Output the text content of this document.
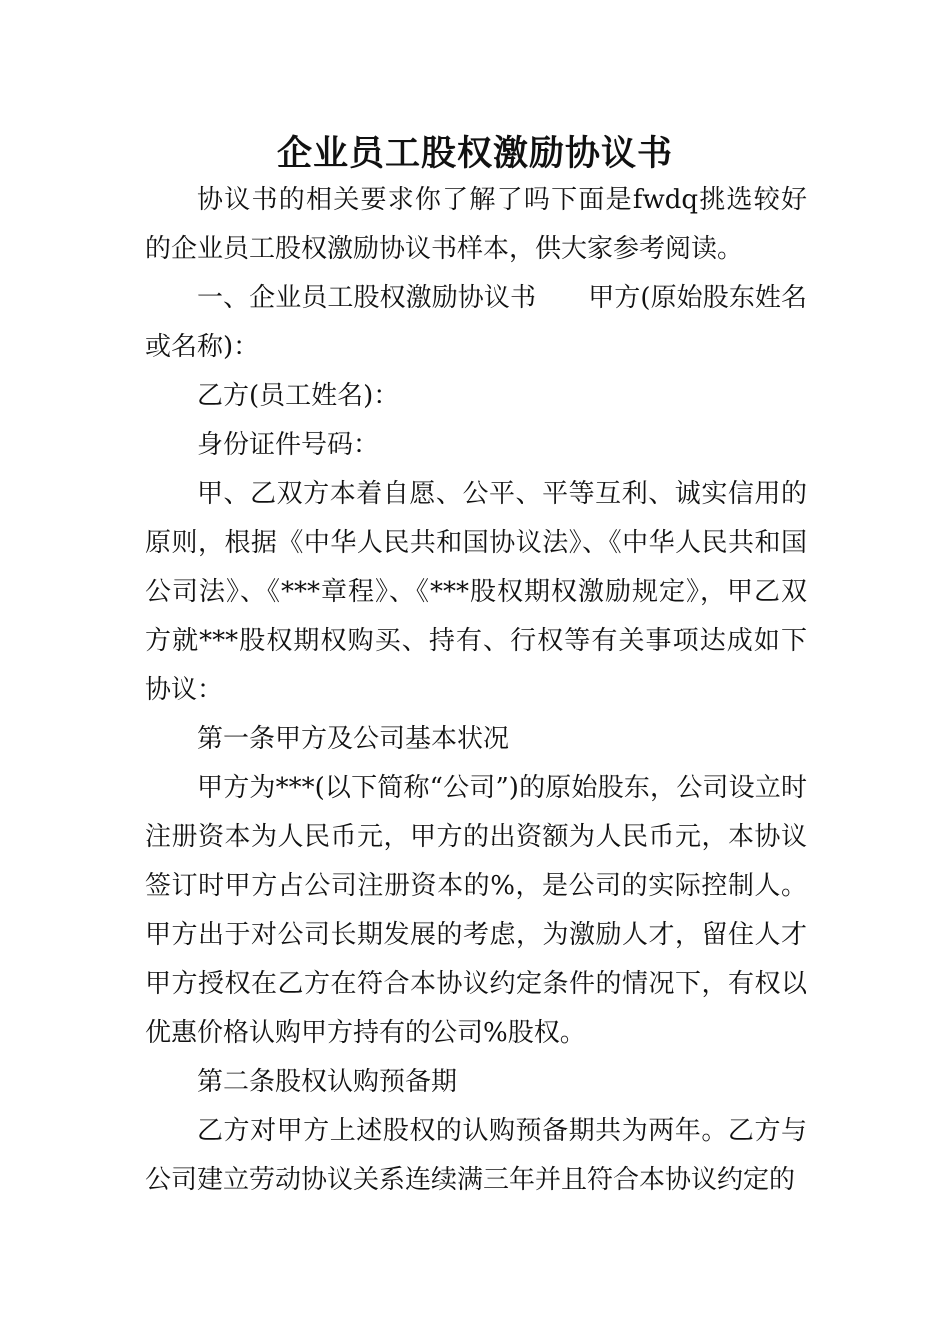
企业员工股权激励协议书

协议书的相关要求你了解了吗下面是fwdq挑选较好的企业员工股权激励协议书样本，供大家参考阅读。

一、企业员工股权激励协议书　　甲方(原始股东姓名或名称)：

乙方(员工姓名)：

身份证件号码：

甲、乙双方本着自愿、公平、平等互利、诚实信用的原则，根据《中华人民共和国协议法》、《中华人民共和国公司法》、《***章程》、《***股权期权激励规定》，甲乙双方就***股权期权购买、持有、行权等有关事项达成如下协议：

第一条甲方及公司基本状况

甲方为***(以下简称“公司”)的原始股东，公司设立时注册资本为人民币元，甲方的出资额为人民币元，本协议签订时甲方占公司注册资本的%，是公司的实际控制人。甲方出于对公司长期发展的考虑，为激励人才，留住人才甲方授权在乙方在符合本协议约定条件的情况下，有权以优惠价格认购甲方持有的公司%股权。

第二条股权认购预备期

乙方对甲方上述股权的认购预备期共为两年。乙方与公司建立劳动协议关系连续满三年并且符合本协议约定的
